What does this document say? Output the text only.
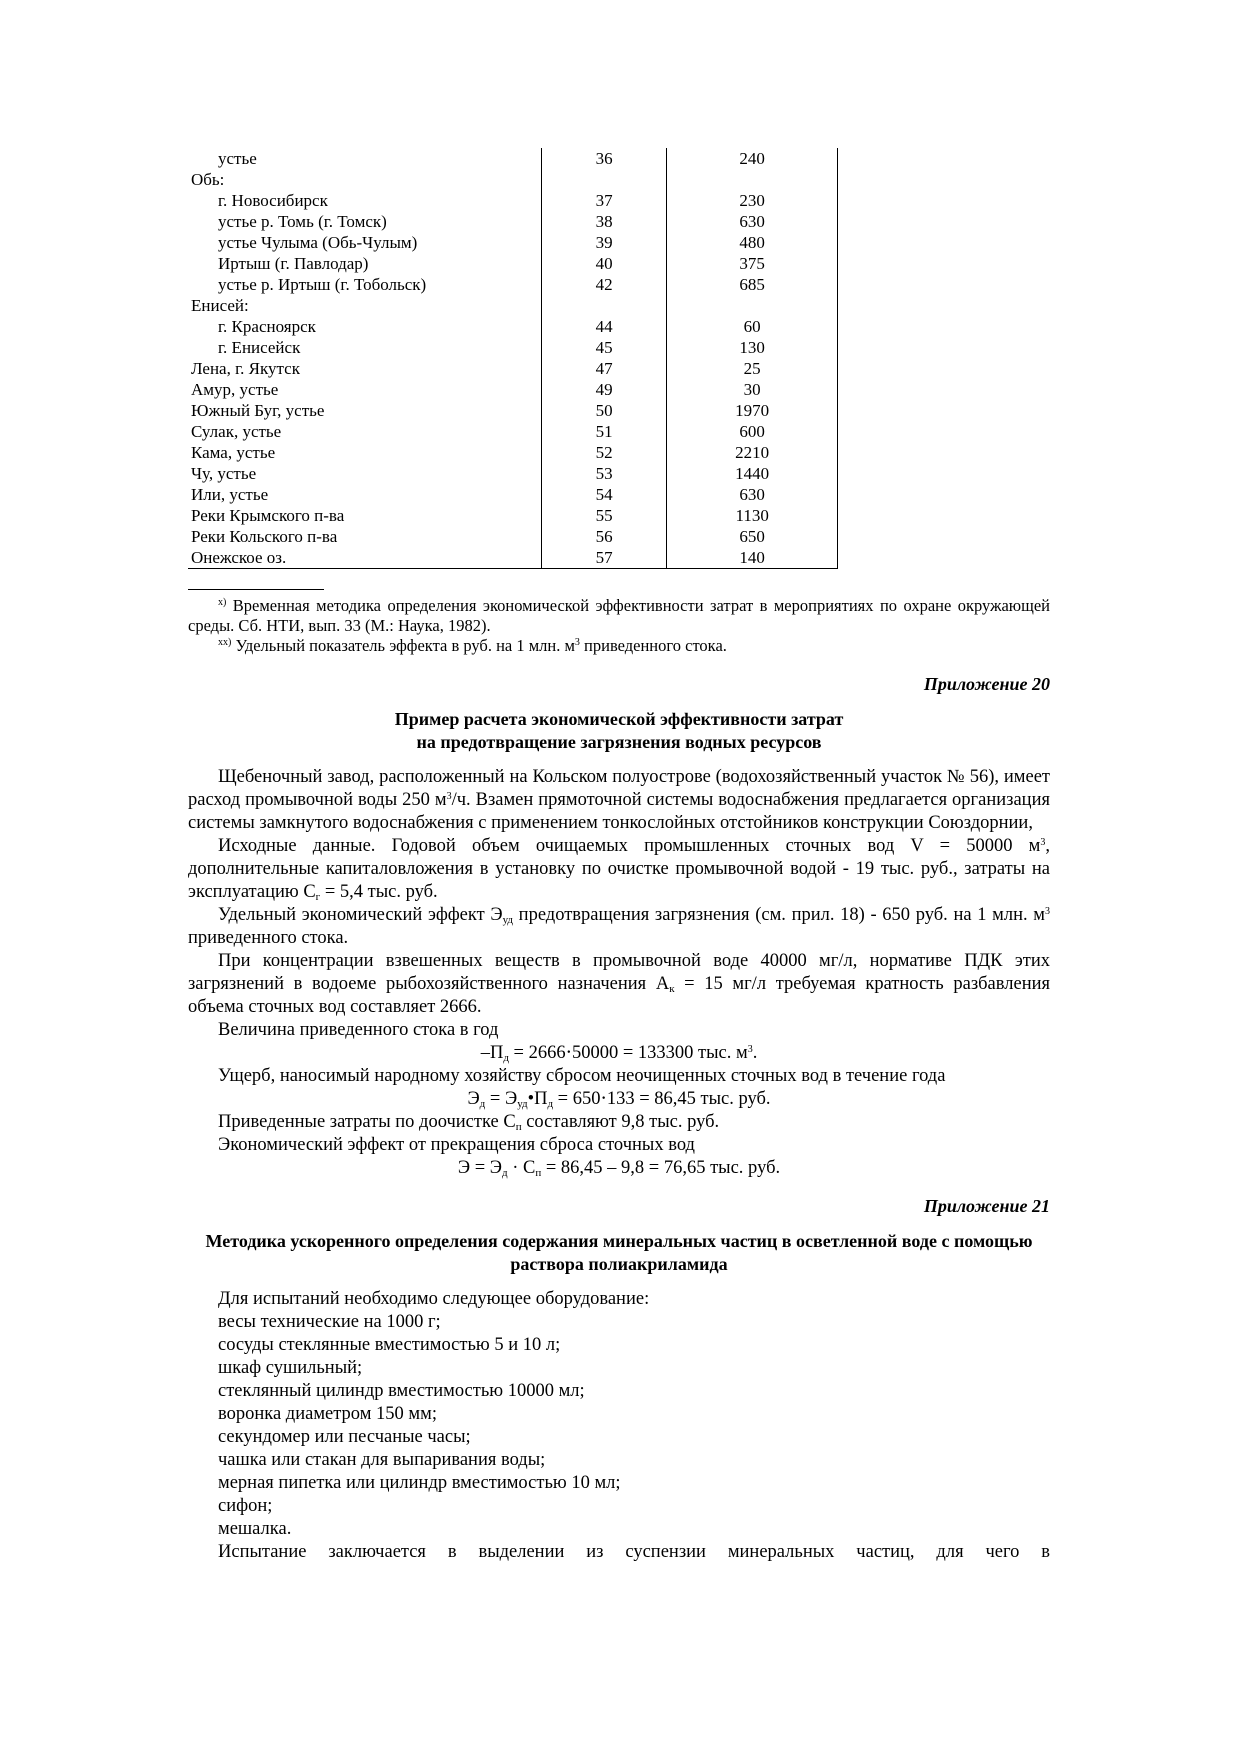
устье	36	240
Обь:		
г. Новосибирск	37	230
устье р. Томь (г. Томск)	38	630
устье Чулыма (Обь-Чулым)	39	480
Иртыш (г. Павлодар)	40	375
устье р. Иртыш (г. Тобольск)	42	685
Енисей:		
г. Красноярск	44	60
г. Енисейск	45	130
Лена, г. Якутск	47	25
Амур, устье	49	30
Южный Буг, устье	50	1970
Сулак, устье	51	600
Кама, устье	52	2210
Чу, устье	53	1440
Или, устье	54	630
Реки Крымского п-ва	55	1130
Реки Кольского п-ва	56	650
Онежское оз.	57	140

$^{х)}$ Временная методика определения экономической эффективности затрат в мероприятиях по охране окружающей среды. Сб. НТИ, вып. 33 (М.: Наука, 1982).

$^{хх)}$ Удельный показатель эффекта в руб. на 1 млн. $м^3$ приведенного стока.

Приложение 20
Пример расчета экономической эффективности затрат
на предотвращение загрязнения водных ресурсов

Щебеночный завод, расположенный на Кольском полуострове (водохозяйственный участок № 56), имеет расход промывочной воды 250 $м^3/ч$. Взамен прямоточной системы водоснабжения предлагается организация системы замкнутого водоснабжения с применением тонкослойных отстойников конструкции Союздорнии,

Исходные данные. Годовой объем очищаемых промышленных сточных вод V = 50000 $м^3$, дополнительные капиталовложения в установку по очистке промывочной водой - 19 тыс. руб., затраты на эксплуатацию $С_г = 5,4$ тыс. руб.

Удельный экономический эффект $Э_{уд}$ предотвращения загрязнения (см. прил. 18) - 650 руб. на 1 млн. $м^3$ приведенного стока.

При концентрации взвешенных веществ в промывочной воде 40000 мг/л, нормативе ПДК этих загрязнений в водоеме рыбохозяйственного назначения $А_к = 15$ мг/л требуемая кратность разбавления объема сточных вод составляет 2666.

Величина приведенного стока в год

$-П_д = 2666\cdot 50000 = 133300$ тыс. $м^3$.

Ущерб, наносимый народному хозяйству сбросом неочищенных сточных вод в течение года

$Э_д$ = $Э_{уд}•П_д = 650\cdot 133 = 86,45$ тыс. руб.

Приведенные затраты по доочистке $С_п$ составляют 9,8 тыс. руб.

Экономический эффект от прекращения сброса сточных вод

$Э = Э_д \cdot С_п = 86,45 - 9,8 = 76,65$ тыс. руб.

Приложение 21
Методика ускоренного определения содержания минеральных частиц в осветленной воде с помощью раствора полиакриламида

Для испытаний необходимо следующее оборудование:

весы технические на 1000 г;

сосуды стеклянные вместимостью 5 и 10 л;

шкаф сушильный;

стеклянный цилиндр вместимостью 10000 мл;

воронка диаметром 150 мм;

секундомер или песчаные часы;

чашка или стакан для выпаривания воды;

мерная пипетка или цилиндр вместимостью 10 мл;

сифон;

мешалка.

Испытание заключается в выделении из суспензии минеральных частиц, для чего в
